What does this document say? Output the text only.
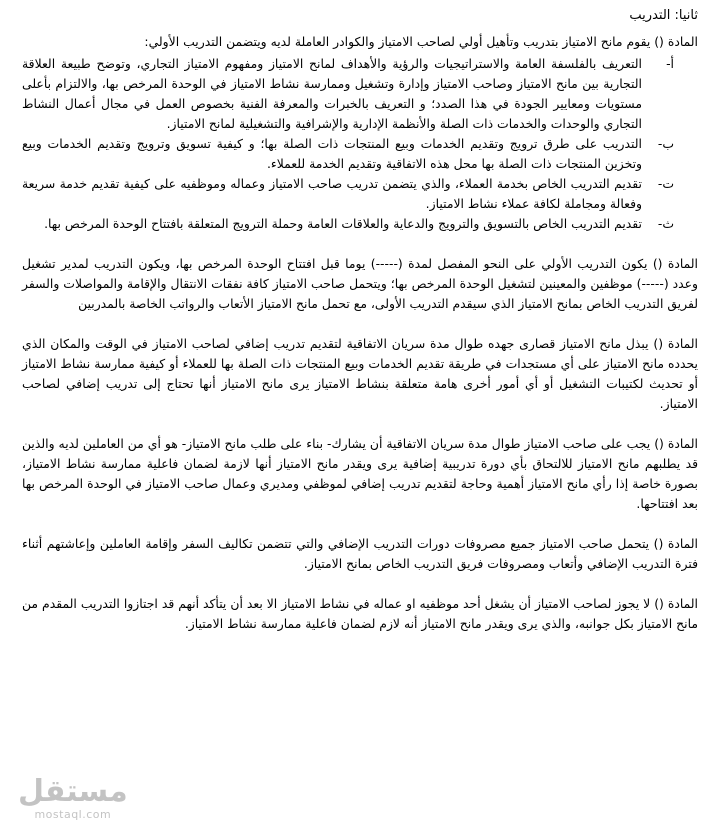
ثانيا: التدريب

المادة () يقوم مانح الامتياز بتدريب وتأهيل أولي لصاحب الامتياز والكوادر العاملة لديه ويتضمن التدريب الأولي:

أ-
التعريف بالفلسفة العامة والاستراتيجيات والرؤية والأهداف لمانح الامتياز ومفهوم الامتياز التجاري، وتوضح طبيعة العلاقة التجارية بين مانح الامتياز وصاحب الامتياز وإدارة وتشغيل وممارسة نشاط الامتياز في الوحدة المرخص بها، والالتزام بأعلى مستويات ومعايير الجودة في هذا الصدد؛ و التعريف بالخبرات والمعرفة الفنية بخصوص العمل في مجال أعمال النشاط التجاري والوحدات والخدمات ذات الصلة والأنظمة الإدارية والإشرافية والتشغيلية لمانح الامتياز.
ب-
التدريب على طرق ترويج وتقديم الخدمات وبيع المنتجات ذات الصلة بها؛ و كيفية تسويق وترويج وتقديم الخدمات وبيع وتخزين المنتجات ذات الصلة بها محل هذه الاتفاقية وتقديم الخدمة للعملاء.
ت-
تقديم التدريب الخاص بخدمة العملاء، والذي يتضمن تدريب صاحب الامتياز وعماله وموظفيه على كيفية تقديم خدمة سريعة وفعالة ومجاملة لكافة عملاء نشاط الامتياز.
ث-
تقديم التدريب الخاص بالتسويق والترويج والدعاية والعلاقات العامة وحملة الترويج المتعلقة بافتتاح الوحدة المرخص بها.

المادة () يكون التدريب الأولي على النحو المفصل لمدة (-----) يوما قبل افتتاح الوحدة المرخص بها، ويكون التدريب لمدير تشغيل وعدد (-----) موظفين والمعينين لتشغيل الوحدة المرخص بها؛ ويتحمل صاحب الامتياز كافة نفقات الانتقال والإقامة والمواصلات والسفر لفريق التدريب الخاص بمانح الامتياز الذي سيقدم التدريب الأولى، مع تحمل مانح الامتياز الأتعاب والرواتب الخاصة بالمدربين

المادة () يبذل مانح الامتياز قصارى جهده طوال مدة سريان الاتفاقية لتقديم تدريب إضافي لصاحب الامتياز في الوقت والمكان الذي يحدده مانح الامتياز على أي مستجدات في طريقة تقديم الخدمات وبيع المنتجات ذات الصلة بها للعملاء أو كيفية ممارسة نشاط الامتياز أو تحديث لكتيبات التشغيل أو أي أمور أخرى هامة متعلقة بنشاط الامتياز يرى مانح الامتياز أنها تحتاج إلى تدريب إضافي لصاحب الامتياز.

المادة () يجب على صاحب الامتياز طوال مدة سريان الاتفاقية أن يشارك- بناء على طلب مانح الامتياز- هو أي من العاملين لديه والذين قد يطلبهم مانح الامتياز للالتحاق بأي دورة تدريبية إضافية يرى ويقدر مانح الامتياز أنها لازمة لضمان فاعلية ممارسة نشاط الامتياز، بصورة خاصة إذا رأي مانح الامتياز أهمية وحاجة لتقديم تدريب إضافي لموظفي ومديري وعمال صاحب الامتياز في الوحدة المرخص بها بعد افتتاحها.

المادة () يتحمل صاحب الامتياز جميع مصروفات دورات التدريب الإضافي والتي تتضمن تكاليف السفر وإقامة العاملين وإعاشتهم أثناء فترة التدريب الإضافي وأتعاب ومصروفات فريق التدريب الخاص بمانح الامتياز.

المادة () لا يجوز لصاحب الامتياز أن يشغل أحد موظفيه او عماله في نشاط الامتياز الا بعد أن يتأكد أنهم قد اجتازوا التدريب المقدم من مانح الامتياز بكل جوانبه، والذي يرى ويقدر مانح الامتياز أنه لازم لضمان فاعلية ممارسة نشاط الامتياز.

مستقل
mostaql.com
